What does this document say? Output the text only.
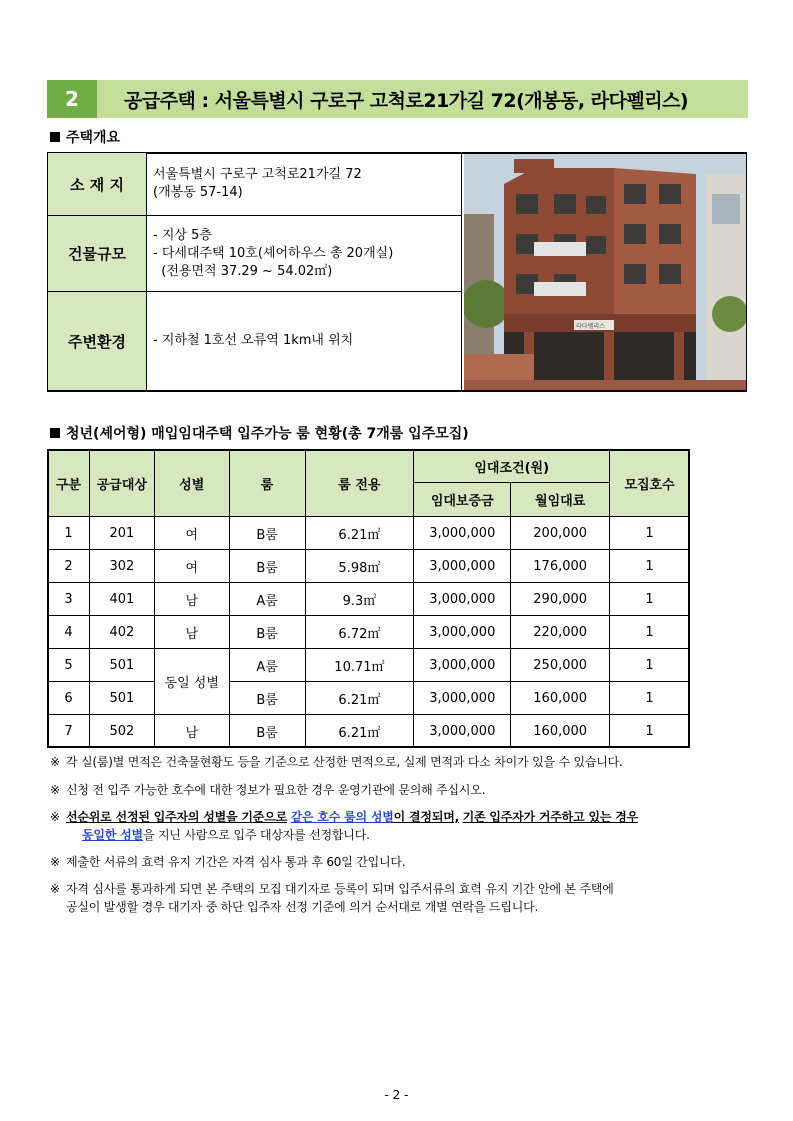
2	공급주택 : 서울특별시 구로구 고척로21가길 72(개봉동, 라다펠리스)
주택개요
소 재 지	서울특별시 구로구 고척로21가길 72
(개봉동 57-14)

건물규모	- 지상 5층
- 다세대주택 10호(셰어하우스 총 20개실)
(전용면적 37.29 ~ 54.02㎡)

주변환경	- 지하철 1호선 오류역 1km내 위치
라다펠리스
청년(셰어형) 매입임대주택 입주가능 룸 현황(총 7개룸 입주모집)
구분	공급대상	성별	룸	룸 전용	임대조건(원)		모집호수
					임대보증금	월임대료	
1	201	여	B룸	6.21㎡	3,000,000	200,000	1
2	302	여	B룸	5.98㎡	3,000,000	176,000	1
3	401	남	A룸	9.3㎡	3,000,000	290,000	1
4	402	남	B룸	6.72㎡	3,000,000	220,000	1
5	501	동일 성별	A룸	10.71㎡	3,000,000	250,000	1
6	501		B룸	6.21㎡	3,000,000	160,000	1
7	502	남	B룸	6.21㎡	3,000,000	160,000	1
※ 각 실(룸)별 면적은 건축물현황도 등을 기준으로 산정한 면적으로, 실제 면적과 다소 차이가 있을 수 있습니다.
※ 신청 전 입주 가능한 호수에 대한 정보가 필요한 경우 운영기관에 문의해 주십시오.
※ 선순위로 선정된 입주자의 성별을 기준으로 같은 호수 룸의 성별이 결정되며, 기존 입주자가 거주하고 있는 경우
동일한 성별을 지닌 사람으로 입주 대상자를 선정합니다.
※ 제출한 서류의 효력 유지 기간은 자격 심사 통과 후 60일 간입니다.
※ 자격 심사를 통과하게 되면 본 주택의 모집 대기자로 등록이 되며 입주서류의 효력 유지 기간 안에 본 주택에
공실이 발생할 경우 대기자 중 하단 입주자 선정 기준에 의거 순서대로 개별 연락을 드립니다.
- 2 -
